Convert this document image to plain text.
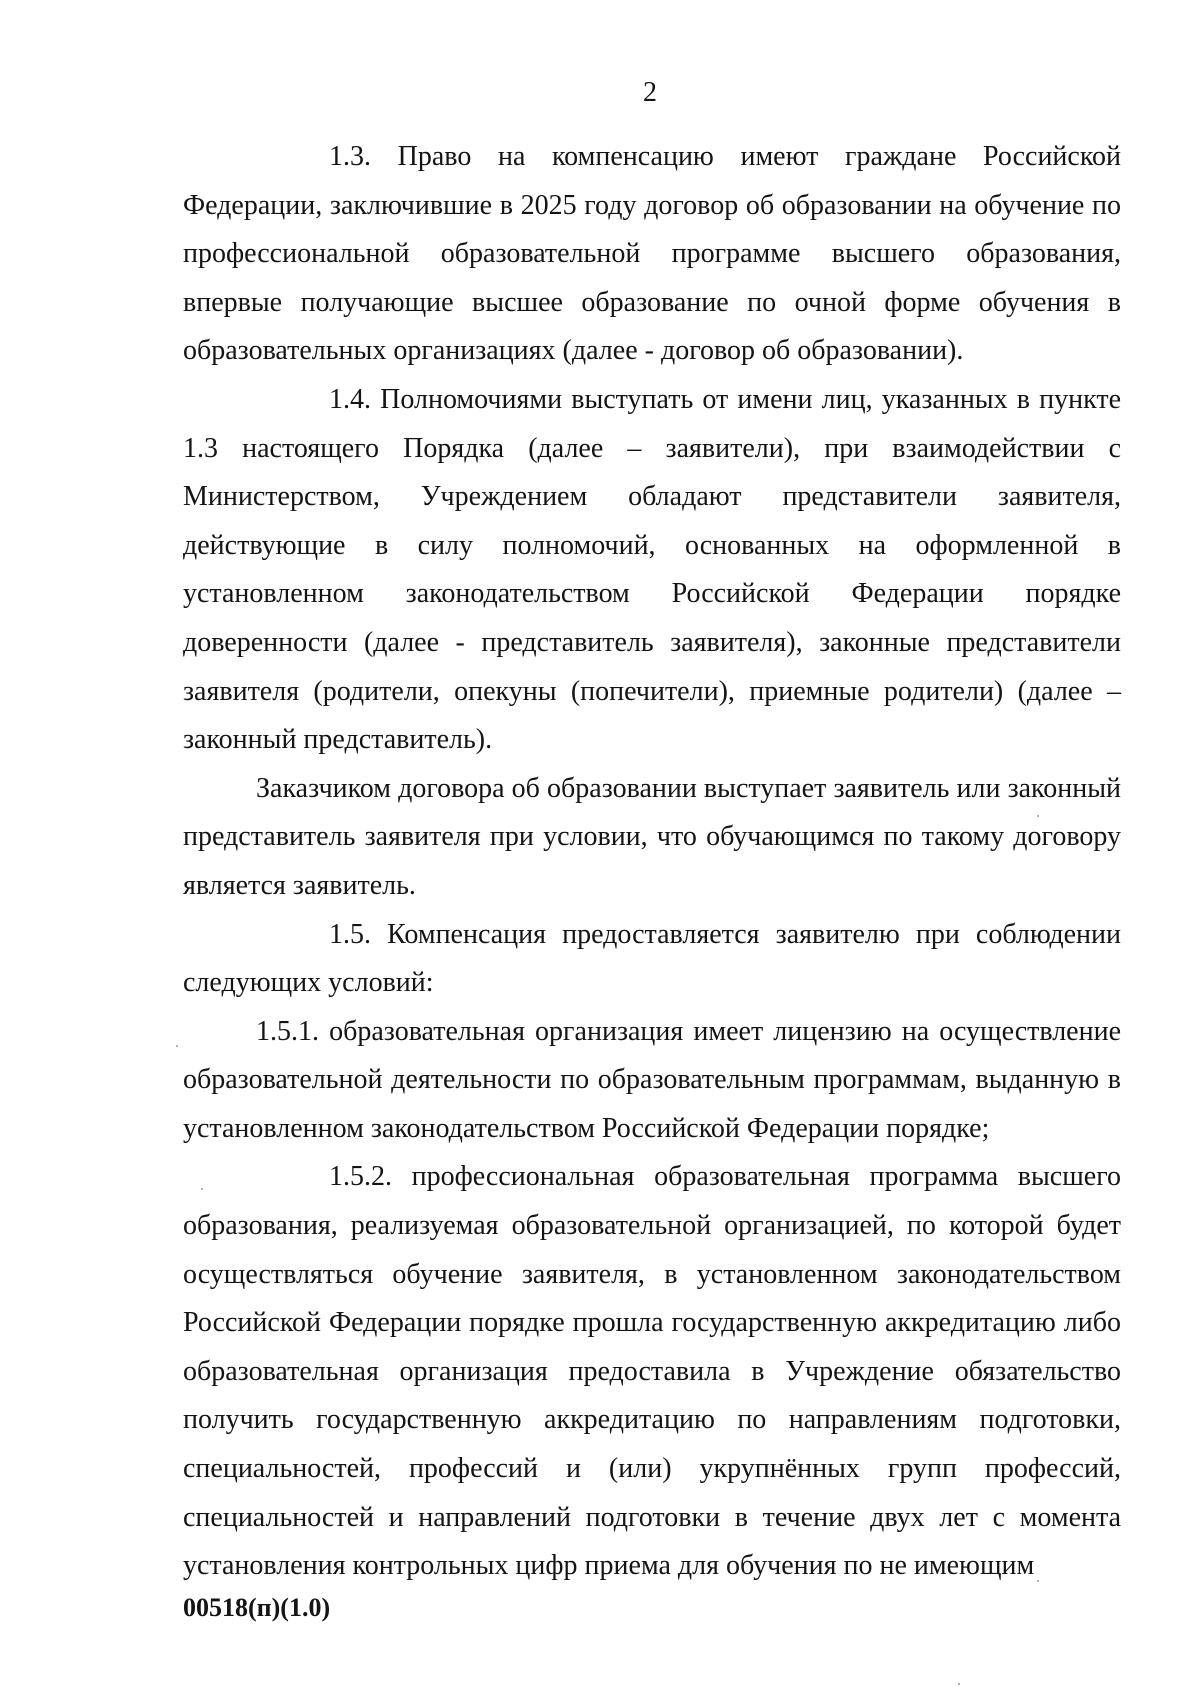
2

1.3. Право на компенсацию имеют граждане Российской Федерации, заключившие в 2025 году договор об образовании на обучение по профессиональной образовательной программе высшего образования, впервые получающие высшее образование по очной форме обучения в образовательных организациях (далее - договор об образовании).

1.4. Полномочиями выступать от имени лиц, указанных в пункте 1.3 настоящего Порядка (далее – заявители), при взаимодействии с Министерством, Учреждением обладают представители заявителя, действующие в силу полномочий, основанных на оформленной в установленном законодательством Российской Федерации порядке доверенности (далее - представитель заявителя), законные представители заявителя (родители, опекуны (попечители), приемные родители) (далее – законный представитель).

Заказчиком договора об образовании выступает заявитель или законный представитель заявителя при условии, что обучающимся по такому договору является заявитель.

1.5. Компенсация предоставляется заявителю при соблюдении следующих условий:

1.5.1. образовательная организация имеет лицензию на осуществление образовательной деятельности по образовательным программам, выданную в установленном законодательством Российской Федерации порядке;

1.5.2. профессиональная образовательная программа высшего образования, реализуемая образовательной организацией, по которой будет осуществляться обучение заявителя, в установленном законодательством Российской Федерации порядке прошла государственную аккредитацию либо образовательная организация предоставила в Учреждение обязательство получить государственную аккредитацию по направлениям подготовки, специальностей, профессий и (или) укрупнённых групп профессий, специальностей и направлений подготовки в течение двух лет с момента установления контрольных цифр приема для обучения по не имеющим

00518(п)(1.0)
